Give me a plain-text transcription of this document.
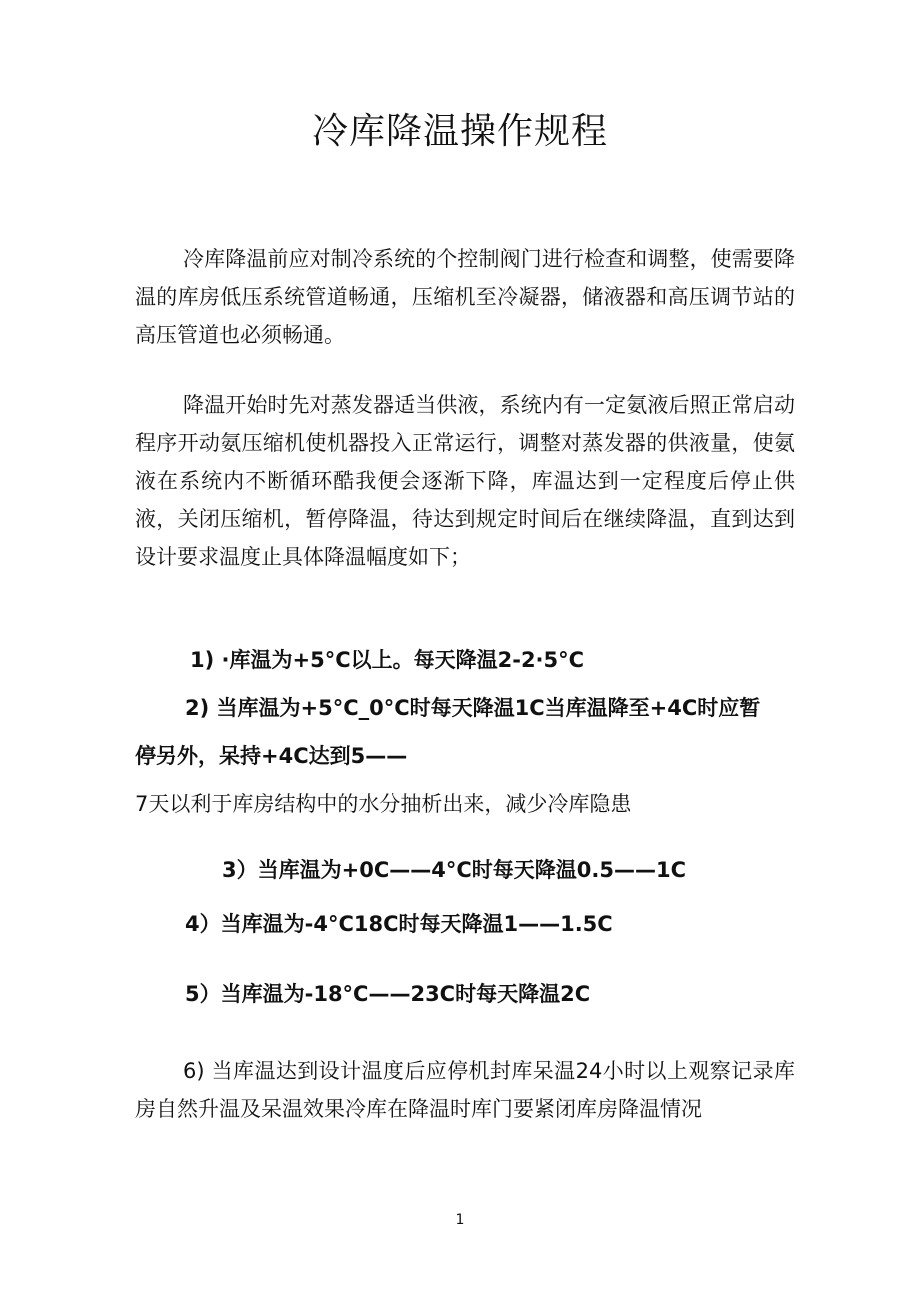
冷库降温操作规程

冷库降温前应对制冷系统的个控制阀门进行检查和调整，使需要降温的库房低压系统管道畅通，压缩机至冷凝器，储液器和高压调节站的高压管道也必须畅通。

降温开始时先对蒸发器适当供液，系统内有一定氨液后照正常启动程序开动氨压缩机使机器投入正常运行，调整对蒸发器的供液量，使氨液在系统内不断循环酷我便会逐渐下降，库温达到一定程度后停止供液，关闭压缩机，暂停降温，待达到规定时间后在继续降温，直到达到设计要求温度止具体降温幅度如下；

1) ·库温为+5°C以上。每天降温2-2·5°C

2) 当库温为+5°C_0°C时每天降温1C当库温降至+4C时应暂

停另外，呆持+4C达到5——

7天以利于库房结构中的水分抽析出来，减少冷库隐患

3）当库温为+0C——4°C时每天降温0.5——1C

4）当库温为-4°C18C时每天降温1——1.5C

5）当库温为-18°C——23C时每天降温2C

6) 当库温达到设计温度后应停机封库呆温24小时以上观察记录库房自然升温及呆温效果冷库在降温时库门要紧闭库房降温情况

1
